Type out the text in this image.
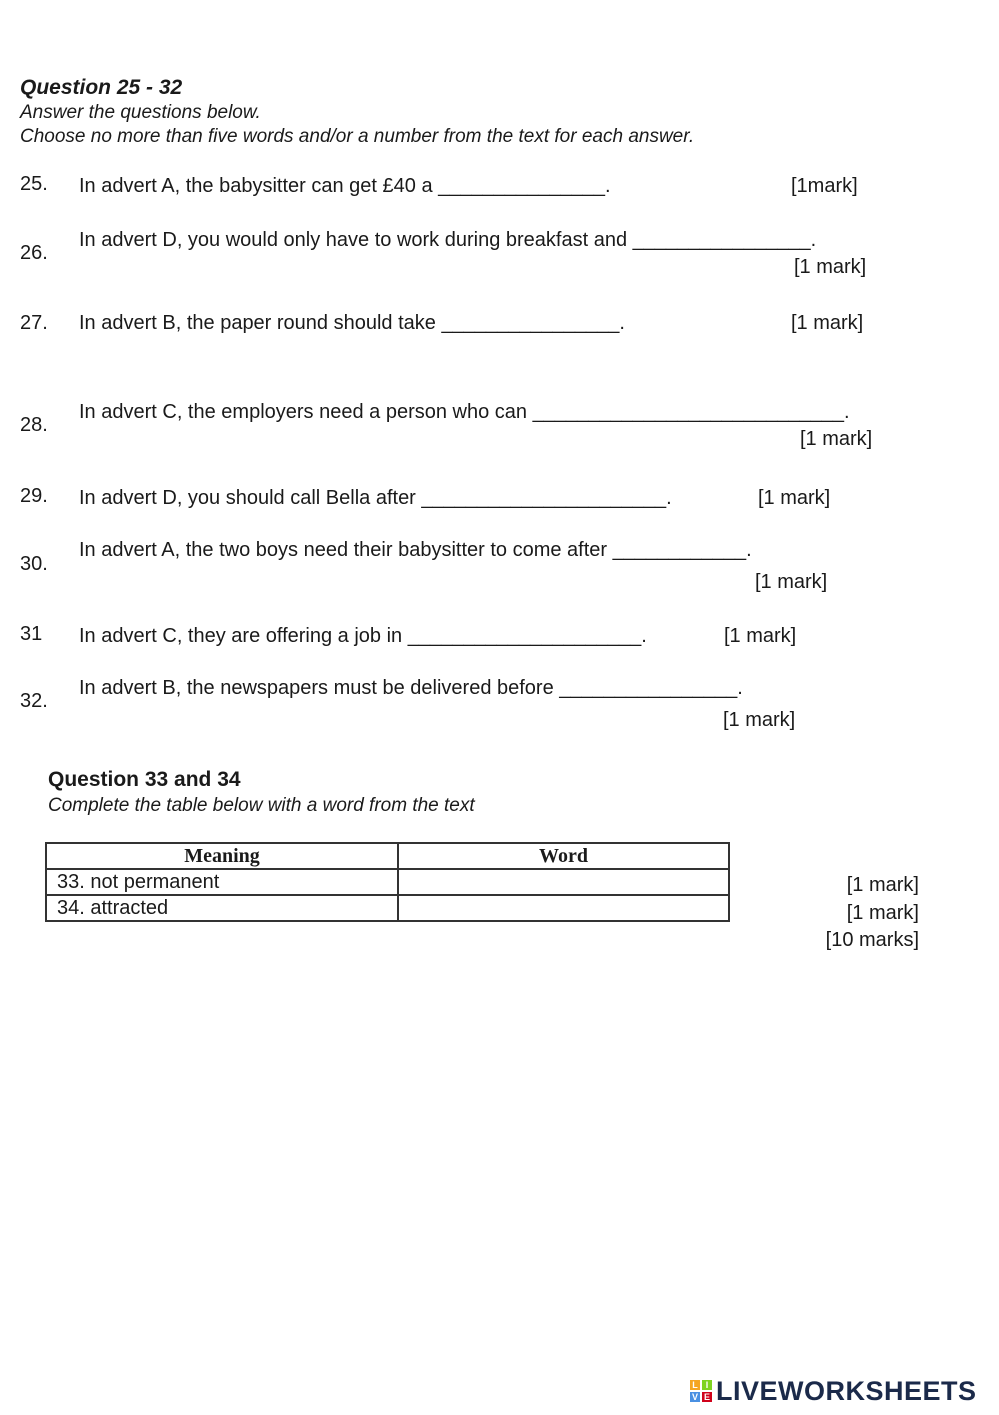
Question 25 - 32
Answer the questions below.
Choose no more than five words and/or a number from the text for each answer.
25. In advert A, the babysitter can get £40 a _______________.	[1mark]
26.
In advert D, you would only have to work during breakfast and ________________.
[1 mark]
27. In advert B, the paper round should take ________________.	[1 mark]
28.
In advert C, the employers need a person who can ____________________________.
[1 mark]
29. In advert D, you should call Bella after ______________________.	[1 mark]
30.
In advert A, the two boys need their babysitter to come after ____________.
[1 mark]
31 In advert C, they are offering a job in _____________________.	[1 mark]
32.
In advert B, the newspapers must be delivered before ________________.
[1 mark]
Question 33 and 34
Complete the table below with a word from the text
Meaning	Word
33. not permanent	
34. attracted	
[1 mark]
[1 mark]
[10 marks]
L I
V E LIVEWORKSHEETS
